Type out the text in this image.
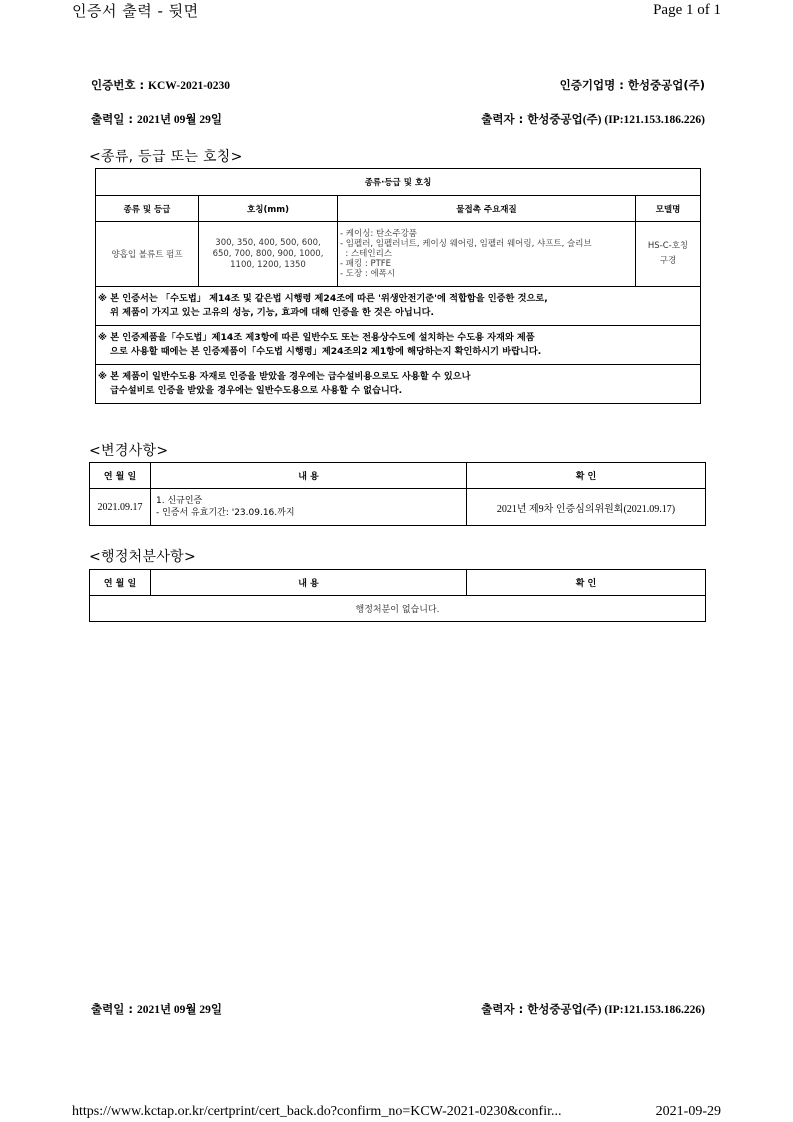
인증서 출력 - 뒷면	Page 1 of 1
인증번호 : KCW-2021-0230	인증기업명 : 한성중공업(주)
출력일 : 2021년 09월 29일	출력자 : 한성중공업(주) (IP:121.153.186.226)
<종류, 등급 또는 호칭>
종류·등급 및 호칭			
종류 및 등급	호칭(mm)	물접촉 주요재질	모델명
양흡입 볼류트 펌프	300, 350, 400, 500, 600, 650, 700, 800, 900, 1000, 1100, 1200, 1350	- 케이싱: 탄소주강품
- 임펠러, 임펠러너트, 케이싱 웨어링, 임펠러 웨어링, 샤프트, 슬리브
: 스테인리스
- 패킹 : PTFE
- 도장 : 에폭시	HS-C-호칭구경

※ 본 인증서는 「수도법」 제14조 및 같은법 시행령 제24조에 따른 '위생안전기준'에 적합함을 인증한 것으로,
위 제품이 가지고 있는 고유의 성능, 기능, 효과에 대해 인증을 한 것은 아닙니다.			

※ 본 인증제품을「수도법」제14조 제3항에 따른 일반수도 또는 전용상수도에 설치하는 수도용 자재와 제품
으로 사용할 때에는 본 인증제품이「수도법 시행령」제24조의2 제1항에 해당하는지 확인하시기 바랍니다.			

※ 본 제품이 일반수도용 자재로 인증을 받았을 경우에는 급수설비용으로도 사용할 수 있으나
급수설비로 인증을 받았을 경우에는 일반수도용으로 사용할 수 없습니다.			
<변경사항>
연 월 일	내 용	확 인
2021.09.17	1. 신규인증
- 인증서 유효기간: '23.09.16.까지	2021년 제9차 인증심의위원회(2021.09.17)
<행정처분사항>
연 월 일	내 용	확 인
행정처분이 없습니다.
출력일 : 2021년 09월 29일	출력자 : 한성중공업(주) (IP:121.153.186.226)
https://www.kctap.or.kr/certprint/cert_back.do?confirm_no=KCW-2021-0230&confir...	2021-09-29
